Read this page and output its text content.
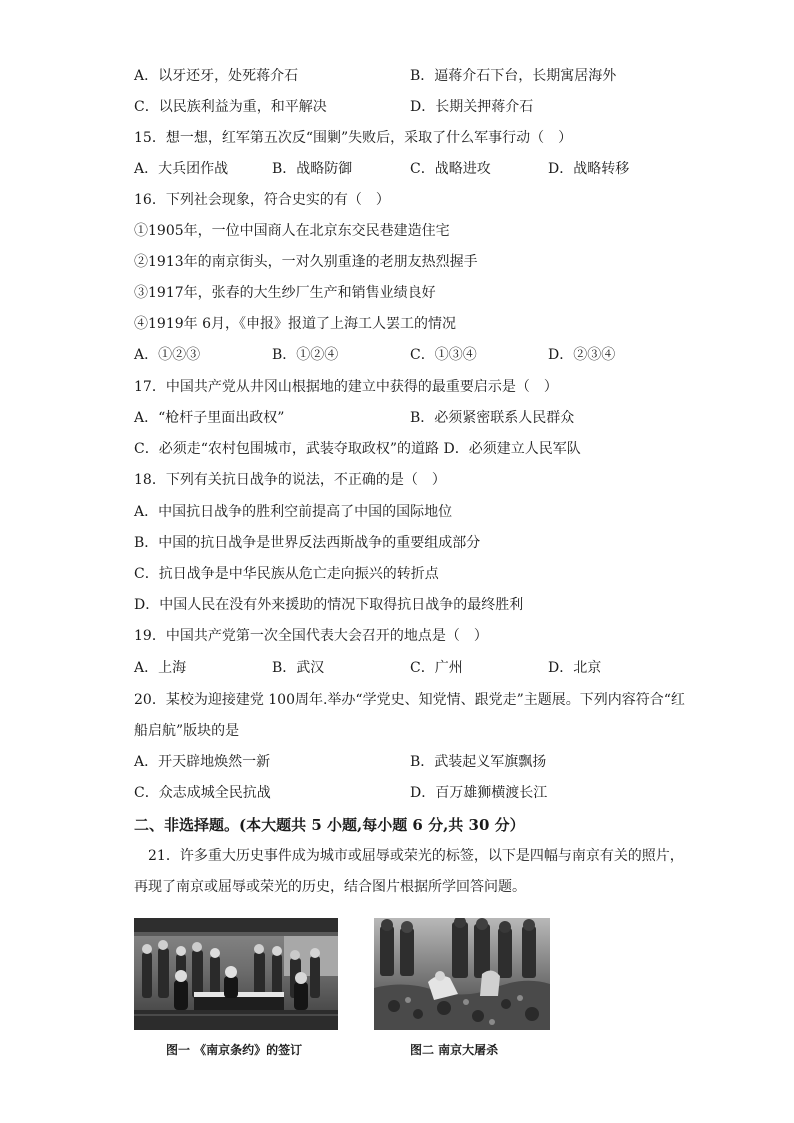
A．以牙还牙，处死蒋介石	B．逼蒋介石下台，长期寓居海外
C．以民族利益为重，和平解决	D．长期关押蒋介石
15．想一想，红军第五次反“围剿”失败后，采取了什么军事行动（　）
A．大兵团作战	B．战略防御	C．战略进攻	D．战略转移
16．下列社会现象，符合史实的有（　）
①1905年，一位中国商人在北京东交民巷建造住宅
②1913年的南京街头，一对久别重逢的老朋友热烈握手
③1917年，张春的大生纱厂生产和销售业绩良好
④1919年 6月，《申报》报道了上海工人罢工的情况
A．①②③	B．①②④	C．①③④	D．②③④
17．中国共产党从井冈山根据地的建立中获得的最重要启示是（　）
A．“枪杆子里面出政权”	B．必须紧密联系人民群众
C．必须走“农村包围城市，武装夺取政权”的道路 D．必须建立人民军队
18．下列有关抗日战争的说法，不正确的是（　）
A．中国抗日战争的胜利空前提高了中国的国际地位
B．中国的抗日战争是世界反法西斯战争的重要组成部分
C．抗日战争是中华民族从危亡走向振兴的转折点
D．中国人民在没有外来援助的情况下取得抗日战争的最终胜利
19．中国共产党第一次全国代表大会召开的地点是（　）
A．上海	B．武汉	C．广州	D．北京
20．某校为迎接建党 100周年.举办“学党史、知党情、跟党走”主题展。下列内容符合“红
船启航”版块的是
A．开天辟地焕然一新	B．武装起义军旗飘扬
C．众志成城全民抗战	D．百万雄狮横渡长江
二、非选择题。(本大题共 5 小题,每小题 6 分,共 30 分）
21．许多重大历史事件成为城市或屈辱或荣光的标签，以下是四幅与南京有关的照片，
再现了南京或屈辱或荣光的历史，结合图片根据所学回答问题。
图一 《南京条约》的签订	图二 南京大屠杀
